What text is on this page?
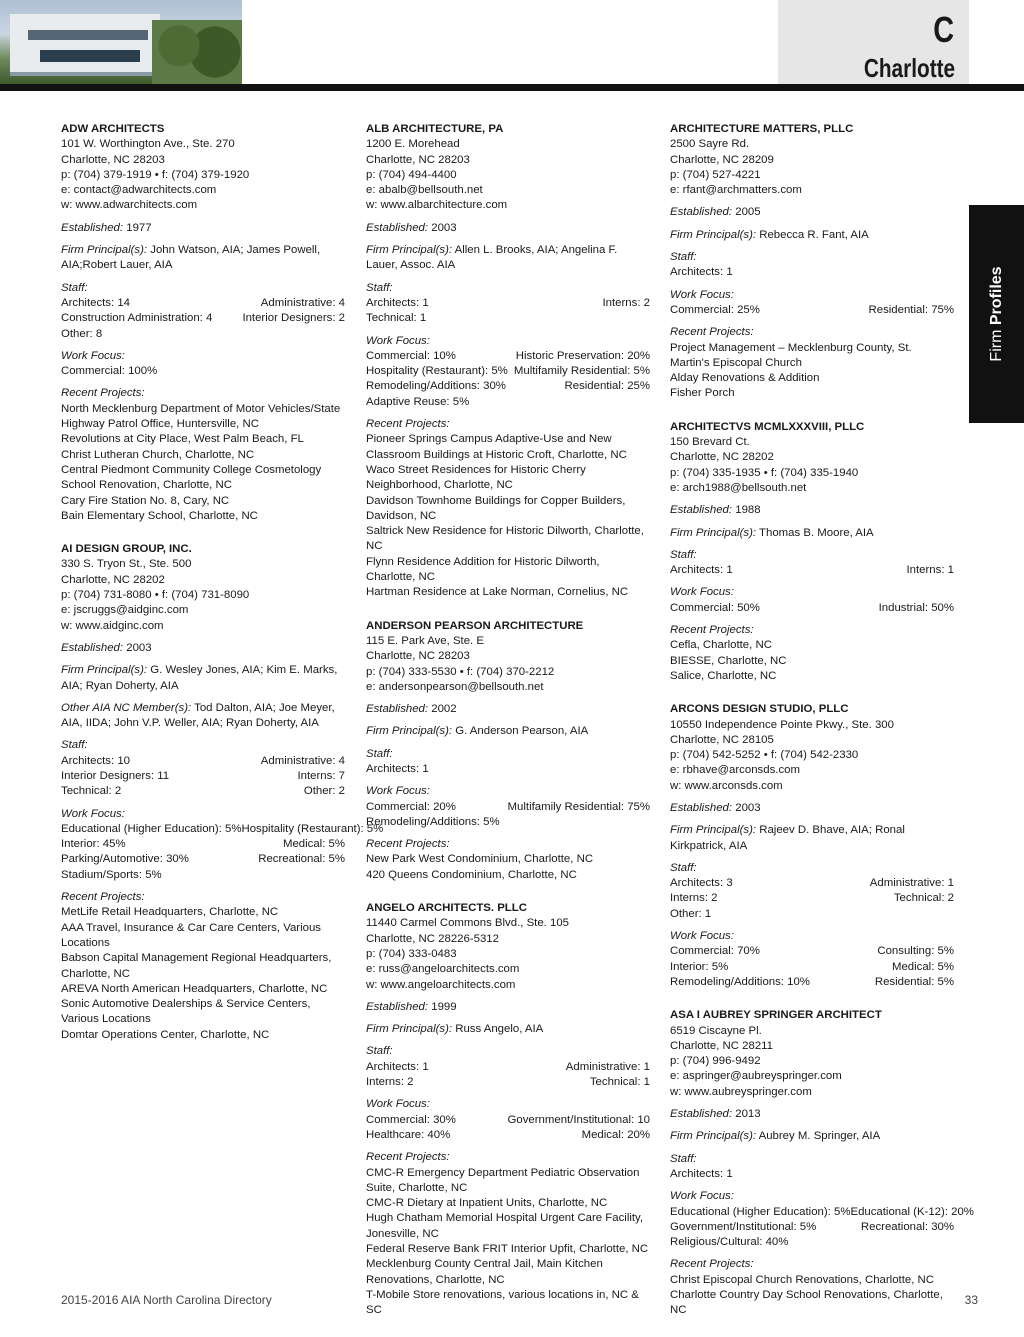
C
Charlotte
Firm Profiles
ADW ARCHITECTS
101 W. Worthington Ave., Ste. 270
Charlotte, NC 28203
p: (704) 379-1919 • f: (704) 379-1920
e: contact@adwarchitects.com
w: www.adwarchitects.com
Established: 1977
Firm Principal(s): John Watson, AIA; James Powell, AIA;Robert Lauer, AIA
Staff:
Architects: 14	Administrative: 4
Construction Administration: 4	Interior Designers: 2
Other: 8
Work Focus:
Commercial: 100%
Recent Projects:
North Mecklenburg Department of Motor Vehicles/State Highway Patrol Office, Huntersville, NC
Revolutions at City Place, West Palm Beach, FL
Christ Lutheran Church, Charlotte, NC
Central Piedmont Community College Cosmetology School Renovation, Charlotte, NC
Cary Fire Station No. 8, Cary, NC
Bain Elementary School, Charlotte, NC
AI DESIGN GROUP, INC.
330 S. Tryon St., Ste. 500
Charlotte, NC 28202
p: (704) 731-8080 • f: (704) 731-8090
e: jscruggs@aidginc.com
w: www.aidginc.com
Established: 2003
Firm Principal(s): G. Wesley Jones, AIA; Kim E. Marks, AIA; Ryan Doherty, AIA
Other AIA NC Member(s): Tod Dalton, AIA; Joe Meyer, AIA, IIDA; John V.P. Weller, AIA; Ryan Doherty, AIA
Staff:
Architects: 10	Administrative: 4
Interior Designers: 11	Interns: 7
Technical: 2	Other: 2
Work Focus:
Educational (Higher Education): 5% Hospitality (Restaurant): 5%
Interior: 45%	Medical: 5%
Parking/Automotive: 30%	Recreational: 5%
Stadium/Sports: 5%
Recent Projects:
MetLife Retail Headquarters, Charlotte, NC
AAA Travel, Insurance & Car Care Centers, Various Locations
Babson Capital Management Regional Headquarters, Charlotte, NC
AREVA North American Headquarters, Charlotte, NC
Sonic Automotive Dealerships & Service Centers, Various Locations
Domtar Operations Center, Charlotte, NC
ALB ARCHITECTURE, PA
1200 E. Morehead
Charlotte, NC 28203
p: (704) 494-4400
e: abalb@bellsouth.net
w: www.albarchitecture.com
Established: 2003
Firm Principal(s): Allen L. Brooks, AIA; Angelina F. Lauer, Assoc. AIA
Staff:
Architects: 1	Interns: 2
Technical: 1
Work Focus:
Commercial: 10%	Historic Preservation: 20%
Hospitality (Restaurant): 5% Multifamily Residential: 5%
Remodeling/Additions: 30%	Residential: 25%
Adaptive Reuse: 5%
Recent Projects:
Pioneer Springs Campus Adaptive-Use and New Classroom Buildings at Historic Croft, Charlotte, NC
Waco Street Residences for Historic Cherry Neighborhood, Charlotte, NC
Davidson Townhome Buildings for Copper Builders, Davidson, NC
Saltrick New Residence for Historic Dilworth, Charlotte, NC
Flynn Residence Addition for Historic Dilworth, Charlotte, NC
Hartman Residence at Lake Norman, Cornelius, NC
ANDERSON PEARSON ARCHITECTURE
115 E. Park Ave, Ste. E
Charlotte, NC 28203
p: (704) 333-5530 • f: (704) 370-2212
e: andersonpearson@bellsouth.net
Established: 2002
Firm Principal(s): G. Anderson Pearson, AIA
Staff:
Architects: 1
Work Focus:
Commercial: 20%	Multifamily Residential: 75%
Remodeling/Additions: 5%
Recent Projects:
New Park West Condominium, Charlotte, NC
420 Queens Condominium, Charlotte, NC
ANGELO ARCHITECTS. PLLC
11440 Carmel Commons Blvd., Ste. 105
Charlotte, NC 28226-5312
p: (704) 333-0483
e: russ@angeloarchitects.com
w: www.angeloarchitects.com
Established: 1999
Firm Principal(s): Russ Angelo, AIA
Staff:
Architects: 1	Administrative: 1
Interns: 2	Technical: 1
Work Focus:
Commercial: 30%	Government/Institutional: 10
Healthcare: 40%	Medical: 20%
Recent Projects:
CMC-R Emergency Department Pediatric Observation Suite, Charlotte, NC
CMC-R Dietary at Inpatient Units, Charlotte, NC
Hugh Chatham Memorial Hospital Urgent Care Facility, Jonesville, NC
Federal Reserve Bank FRIT Interior Upfit, Charlotte, NC
Mecklenburg County Central Jail, Main Kitchen Renovations, Charlotte, NC
T-Mobile Store renovations, various locations in, NC & SC
ARCHITECTURE MATTERS, PLLC
2500 Sayre Rd.
Charlotte, NC 28209
p: (704) 527-4221
e: rfant@archmatters.com
Established: 2005
Firm Principal(s): Rebecca R. Fant, AIA
Staff:
Architects: 1
Work Focus:
Commercial: 25%	Residential: 75%
Recent Projects:
Project Management – Mecklenburg County, St. Martin's Episcopal Church
Alday Renovations & Addition
Fisher Porch
ARCHITECTVS MCMLXXXVIII, PLLC
150 Brevard Ct.
Charlotte, NC 28202
p: (704) 335-1935 • f: (704) 335-1940
e: arch1988@bellsouth.net
Established: 1988
Firm Principal(s): Thomas B. Moore, AIA
Staff:
Architects: 1	Interns: 1
Work Focus:
Commercial: 50%	Industrial: 50%
Recent Projects:
Cefla, Charlotte, NC
BIESSE, Charlotte, NC
Salice, Charlotte, NC
ARCONS DESIGN STUDIO, PLLC
10550 Independence Pointe Pkwy., Ste. 300
Charlotte, NC 28105
p: (704) 542-5252 • f: (704) 542-2330
e: rbhave@arconsds.com
w: www.arconsds.com
Established: 2003
Firm Principal(s): Rajeev D. Bhave, AIA; Ronal Kirkpatrick, AIA
Staff:
Architects: 3	Administrative: 1
Interns: 2	Technical: 2
Other: 1
Work Focus:
Commercial: 70%	Consulting: 5%
Interior: 5%	Medical: 5%
Remodeling/Additions: 10%	Residential: 5%
ASA I AUBREY SPRINGER ARCHITECT
6519 Ciscayne Pl.
Charlotte, NC 28211
p: (704) 996-9492
e: aspringer@aubreyspringer.com
w: www.aubreyspringer.com
Established: 2013
Firm Principal(s): Aubrey M. Springer, AIA
Staff:
Architects: 1
Work Focus:
Educational (Higher Education): 5% Educational (K-12): 20%
Government/Institutional: 5%	Recreational: 30%
Religious/Cultural: 40%
Recent Projects:
Christ Episcopal Church Renovations, Charlotte, NC
Charlotte Country Day School Renovations, Charlotte, NC
2015-2016 AIA North Carolina Directory	33
